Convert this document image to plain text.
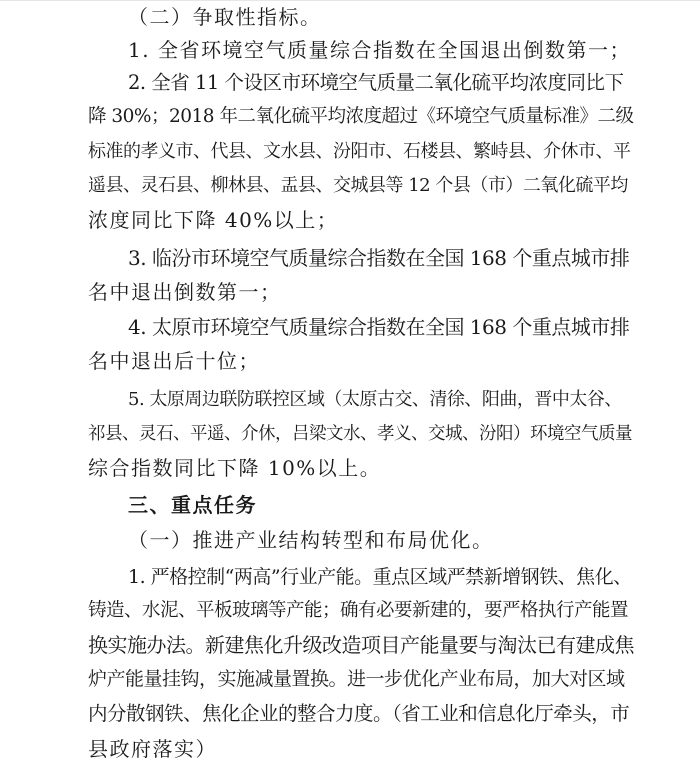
（二）争取性指标。
1. 全省环境空气质量综合指数在全国退出倒数第一；
2. 全省 11 个设区市环境空气质量二氧化硫平均浓度同比下
降 30%；2018 年二氧化硫平均浓度超过《环境空气质量标准》二级
标准的孝义市、代县、文水县、汾阳市、石楼县、繁峙县、介休市、平
遥县、灵石县、柳林县、盂县、交城县等 12 个县（市）二氧化硫平均
浓度同比下降 40%以上；
3. 临汾市环境空气质量综合指数在全国 168 个重点城市排
名中退出倒数第一；
4. 太原市环境空气质量综合指数在全国 168 个重点城市排
名中退出后十位；
5. 太原周边联防联控区域（太原古交、清徐、阳曲，晋中太谷、
祁县、灵石、平遥、介休，吕梁文水、孝义、交城、汾阳）环境空气质量
综合指数同比下降 10%以上。
三、重点任务
（一）推进产业结构转型和布局优化。
1. 严格控制“两高”行业产能。重点区域严禁新增钢铁、焦化、
铸造、水泥、平板玻璃等产能；确有必要新建的，要严格执行产能置
换实施办法。新建焦化升级改造项目产能量要与淘汰已有建成焦
炉产能量挂钩，实施减量置换。进一步优化产业布局，加大对区域
内分散钢铁、焦化企业的整合力度。（省工业和信息化厅牵头，市
县政府落实）
